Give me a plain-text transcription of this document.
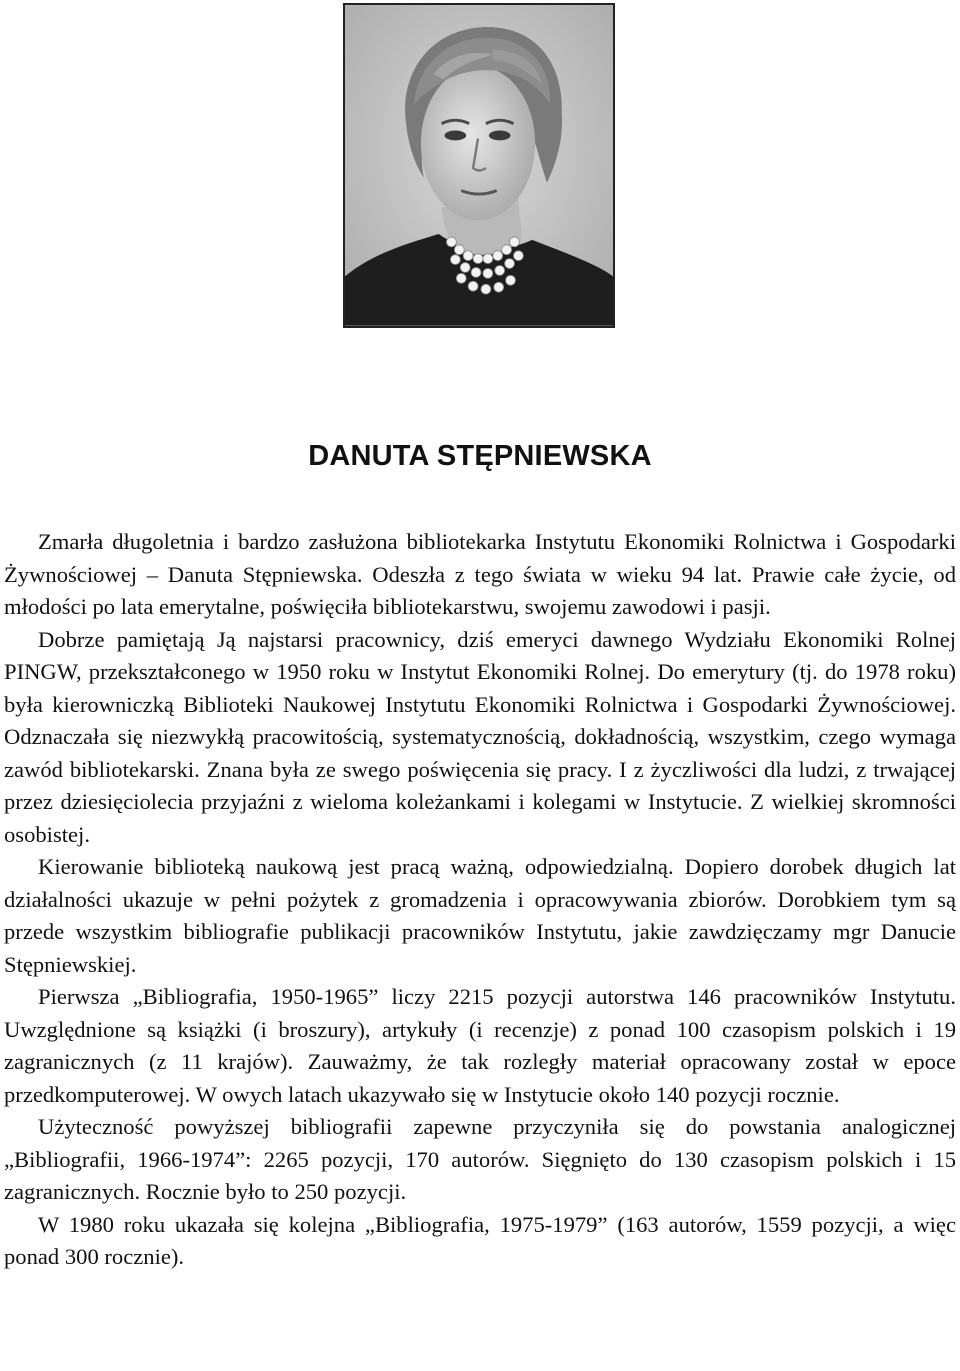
DANUTA STĘPNIEWSKA

Zmarła długoletnia i bardzo zasłużona bibliotekarka Instytutu Ekonomiki Rolnictwa i Gospodarki Żywnościowej – Danuta Stępniewska. Odeszła z tego świata w wieku 94 lat. Prawie całe życie, od młodości po lata emerytalne, poświęciła bibliotekarstwu, swojemu zawodowi i pasji.

Dobrze pamiętają Ją najstarsi pracownicy, dziś emeryci dawnego Wydziału Ekonomiki Rolnej PINGW, przekształconego w 1950 roku w Instytut Ekonomiki Rolnej. Do emerytury (tj. do 1978 roku) była kierowniczką Biblioteki Naukowej Instytutu Ekonomiki Rolnictwa i Gospodarki Żywnościowej. Odznaczała się niezwykłą pracowitością, systematycznością, dokładnością, wszystkim, czego wymaga zawód bibliotekarski. Znana była ze swego poświęcenia się pracy. I z życzliwości dla ludzi, z trwającej przez dziesięciolecia przyjaźni z wieloma koleżankami i kolegami w Instytucie. Z wielkiej skromności osobistej.

Kierowanie biblioteką naukową jest pracą ważną, odpowiedzialną. Dopiero dorobek długich lat działalności ukazuje w pełni pożytek z gromadzenia i opracowywania zbiorów. Dorobkiem tym są przede wszystkim bibliografie publikacji pracowników Instytutu, jakie zawdzięczamy mgr Danucie Stępniewskiej.

Pierwsza „Bibliografia, 1950-1965” liczy 2215 pozycji autorstwa 146 pracowników Instytutu. Uwzględnione są książki (i broszury), artykuły (i recenzje) z ponad 100 czasopism polskich i 19 zagranicznych (z 11 krajów). Zauważmy, że tak rozległy materiał opracowany został w epoce przedkomputerowej. W owych latach ukazywało się w Instytucie około 140 pozycji rocznie.

Użyteczność powyższej bibliografii zapewne przyczyniła się do powstania analogicznej „Bibliografii, 1966-1974”: 2265 pozycji, 170 autorów. Sięgnięto do 130 czasopism polskich i 15 zagranicznych. Rocznie było to 250 pozycji.

W 1980 roku ukazała się kolejna „Bibliografia, 1975-1979” (163 autorów, 1559 pozycji, a więc ponad 300 rocznie).
